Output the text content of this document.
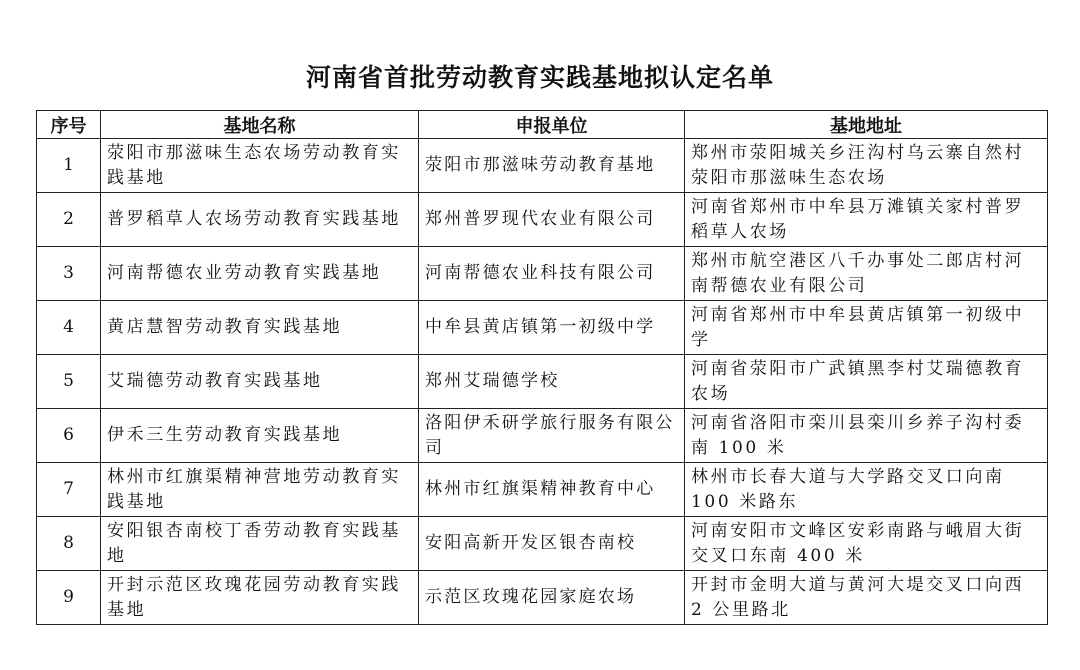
河南省首批劳动教育实践基地拟认定名单
序号	基地名称	申报单位	基地地址
1	荥阳市那滋味生态农场劳动教育实践基地	荥阳市那滋味劳动教育基地	郑州市荥阳城关乡汪沟村乌云寨自然村荥阳市那滋味生态农场
2	普罗稻草人农场劳动教育实践基地	郑州普罗现代农业有限公司	河南省郑州市中牟县万滩镇关家村普罗稻草人农场
3	河南帮德农业劳动教育实践基地	河南帮德农业科技有限公司	郑州市航空港区八千办事处二郎店村河南帮德农业有限公司
4	黄店慧智劳动教育实践基地	中牟县黄店镇第一初级中学	河南省郑州市中牟县黄店镇第一初级中学
5	艾瑞德劳动教育实践基地	郑州艾瑞德学校	河南省荥阳市广武镇黑李村艾瑞德教育农场
6	伊禾三生劳动教育实践基地	洛阳伊禾研学旅行服务有限公司	河南省洛阳市栾川县栾川乡养子沟村委南 100 米
7	林州市红旗渠精神营地劳动教育实践基地	林州市红旗渠精神教育中心	林州市长春大道与大学路交叉口向南 100 米路东
8	安阳银杏南校丁香劳动教育实践基地	安阳高新开发区银杏南校	河南安阳市文峰区安彩南路与峨眉大街交叉口东南 400 米
9	开封示范区玫瑰花园劳动教育实践基地	示范区玫瑰花园家庭农场	开封市金明大道与黄河大堤交叉口向西 2 公里路北
